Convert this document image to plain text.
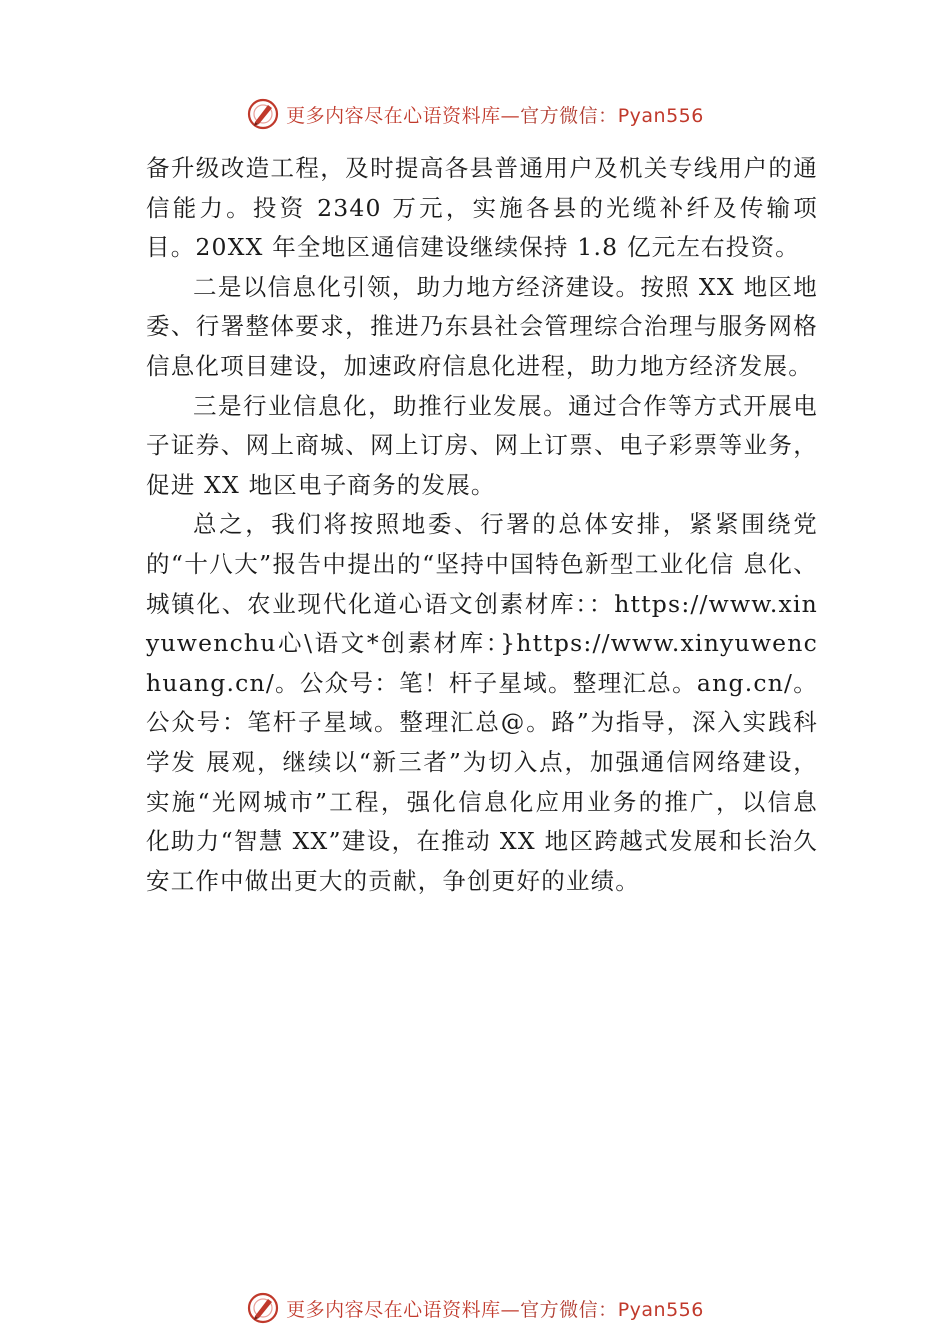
更多内容尽在心语资料库—官方微信：Pyan556

备升级改造工程，及时提高各县普通用户及机关专线用户的通信能力。投资 2340 万元，实施各县的光缆补纤及传输项目。20XX 年全地区通信建设继续保持 1.8 亿元左右投资。

二是以信息化引领，助力地方经济建设。按照 XX 地区地委、行署整体要求，推进乃东县社会管理综合治理与服务网格信息化项目建设，加速政府信息化进程，助力地方经济发展。

三是行业信息化，助推行业发展。通过合作等方式开展电子证券、网上商城、网上订房、网上订票、电子彩票等业务，促进 XX 地区电子商务的发展。

总之，我们将按照地委、行署的总体安排，紧紧围绕党的“十八大”报告中提出的“坚持中国特色新型工业化信 息化、城镇化、农业现代化道心语文创素材库：：https://www.xinyuwenchu心\语文*创素材库：}https://www.xinyuwenchuang.cn/。公众号：笔！杆子星域。整理汇总。ang.cn/。公众号：笔杆子星域。整理汇总@。路”为指导，深入实践科学发 展观，继续以“新三者”为切入点，加强通信网络建设，实施“光网城市”工程，强化信息化应用业务的推广，以信息 化助力“智慧 XX”建设，在推动 XX 地区跨越式发展和长治久安工作中做出更大的贡献，争创更好的业绩。

更多内容尽在心语资料库—官方微信：Pyan556
